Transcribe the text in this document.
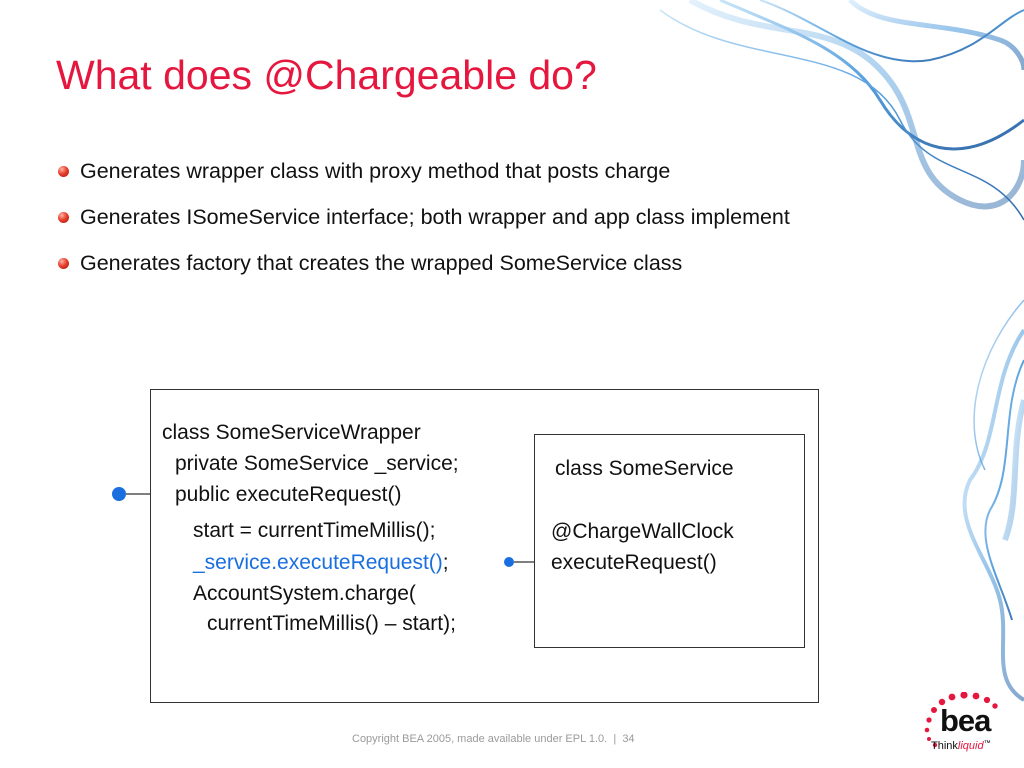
What does @Chargeable do?
Generates wrapper class with proxy method that posts charge
Generates ISomeService interface; both wrapper and app class implement
Generates factory that creates the wrapped SomeService class
class SomeServiceWrapper
private SomeService _service;
public executeRequest()
start = currentTimeMillis();
_service.executeRequest();
AccountSystem.charge(
currentTimeMillis() – start);
class SomeService
@ChargeWallClock
executeRequest()
Copyright BEA 2005, made available under EPL 1.0. | 34
bea
Thinkliquid™
